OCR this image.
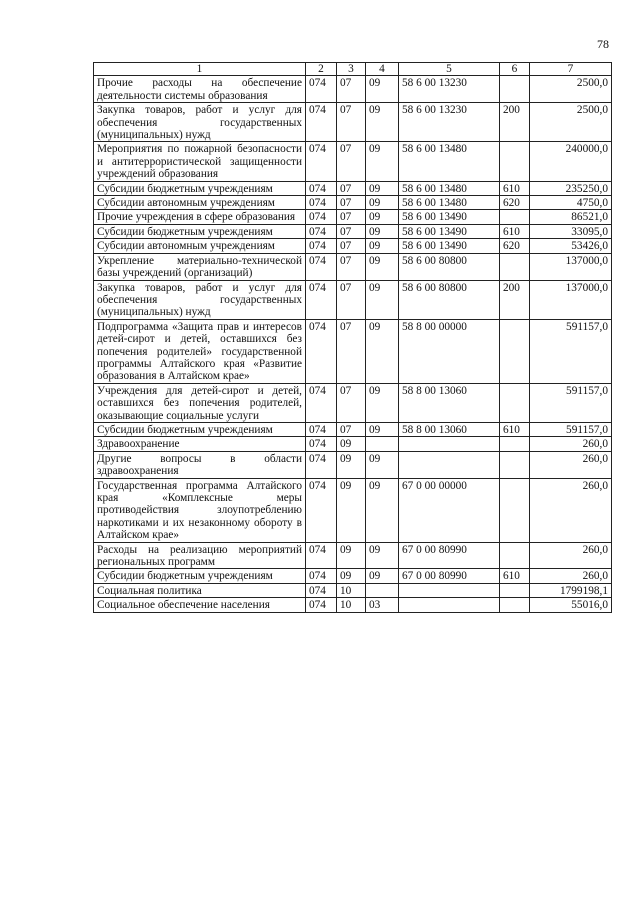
78
1	2	3	4	5	6	7
Прочие расходы на обеспечение деятельности системы образования	074	07	09	58 6 00 13230		2500,0
Закупка товаров, работ и услуг для обеспечения государственных (муниципальных) нужд	074	07	09	58 6 00 13230	200	2500,0
Мероприятия по пожарной безопасности и антитеррористической защищенности учреждений образования	074	07	09	58 6 00 13480		240000,0
Субсидии бюджетным учреждениям	074	07	09	58 6 00 13480	610	235250,0
Субсидии автономным учреждениям	074	07	09	58 6 00 13480	620	4750,0
Прочие учреждения в сфере образования	074	07	09	58 6 00 13490		86521,0
Субсидии бюджетным учреждениям	074	07	09	58 6 00 13490	610	33095,0
Субсидии автономным учреждениям	074	07	09	58 6 00 13490	620	53426,0
Укрепление материально-технической базы учреждений (организаций)	074	07	09	58 6 00 80800		137000,0
Закупка товаров, работ и услуг для обеспечения государственных (муниципальных) нужд	074	07	09	58 6 00 80800	200	137000,0
Подпрограмма «Защита прав и интересов детей-сирот и детей, оставшихся без попечения родителей» государственной программы Алтайского края «Развитие образования в Алтайском крае»	074	07	09	58 8 00 00000		591157,0
Учреждения для детей-сирот и детей, оставшихся без попечения родителей, оказывающие социальные услуги	074	07	09	58 8 00 13060		591157,0
Субсидии бюджетным учреждениям	074	07	09	58 8 00 13060	610	591157,0
Здравоохранение	074	09				260,0
Другие вопросы в области здравоохранения	074	09	09			260,0
Государственная программа Алтайского края «Комплексные меры противодействия злоупотреблению наркотиками и их незаконному обороту в Алтайском крае»	074	09	09	67 0 00 00000		260,0
Расходы на реализацию мероприятий региональных программ	074	09	09	67 0 00 80990		260,0
Субсидии бюджетным учреждениям	074	09	09	67 0 00 80990	610	260,0
Социальная политика	074	10				1799198,1
Социальное обеспечение населения	074	10	03			55016,0
